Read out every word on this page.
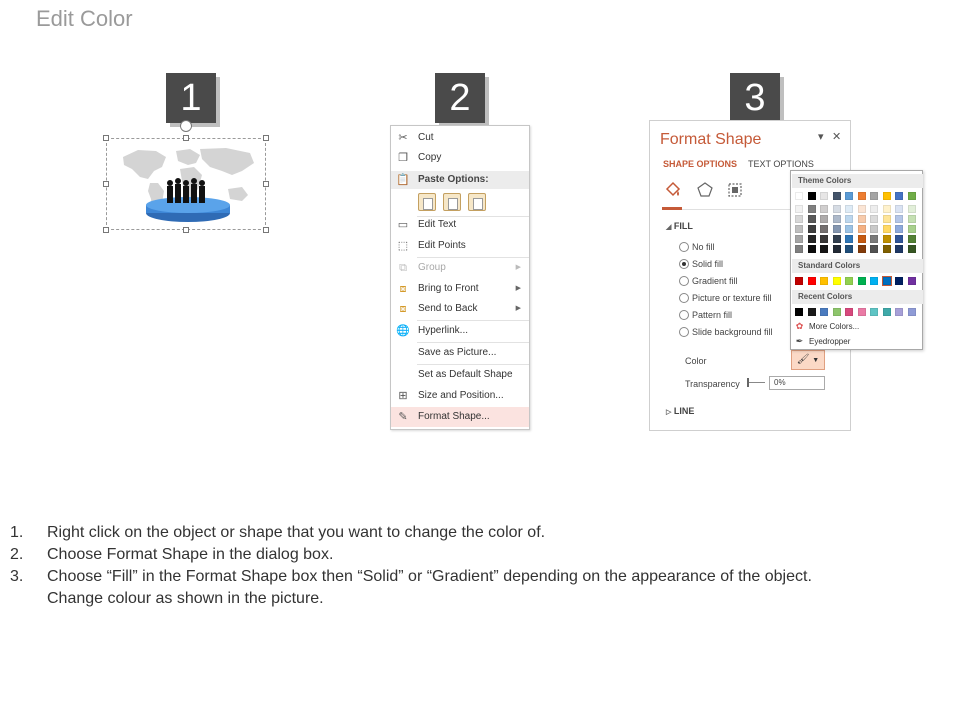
Edit Color
1	2	3
✂ Cut
❐ Copy
📋 Paste Options:
▭ Edit Text
⬚ Edit Points
⧉	Group	▶
⧈	Bring to Front	▶
⧈	Send to Back	▶
🌐 Hyperlink...
Save as Picture...
Set as Default Shape
⊞ Size and Position...
✎ Format Shape...
Format Shape	▾ ✕
SHAPE OPTIONS TEXT OPTIONS
◢ FILL
No fill
Solid fill
Gradient fill
Picture or texture fill
Pattern fill
Slide background fill
Color	🖌 ▼
Transparency	0%
▷ LINE
Theme Colors
Standard Colors
Recent Colors
✿ More Colors...
✒ Eyedropper
1. Right click on the object or shape that you want to change the color of.
2. Choose Format Shape in the dialog box.
3. Choose “Fill” in the Format Shape box then “Solid” or “Gradient” depending on the appearance of the object.
Change colour as shown in the picture.
